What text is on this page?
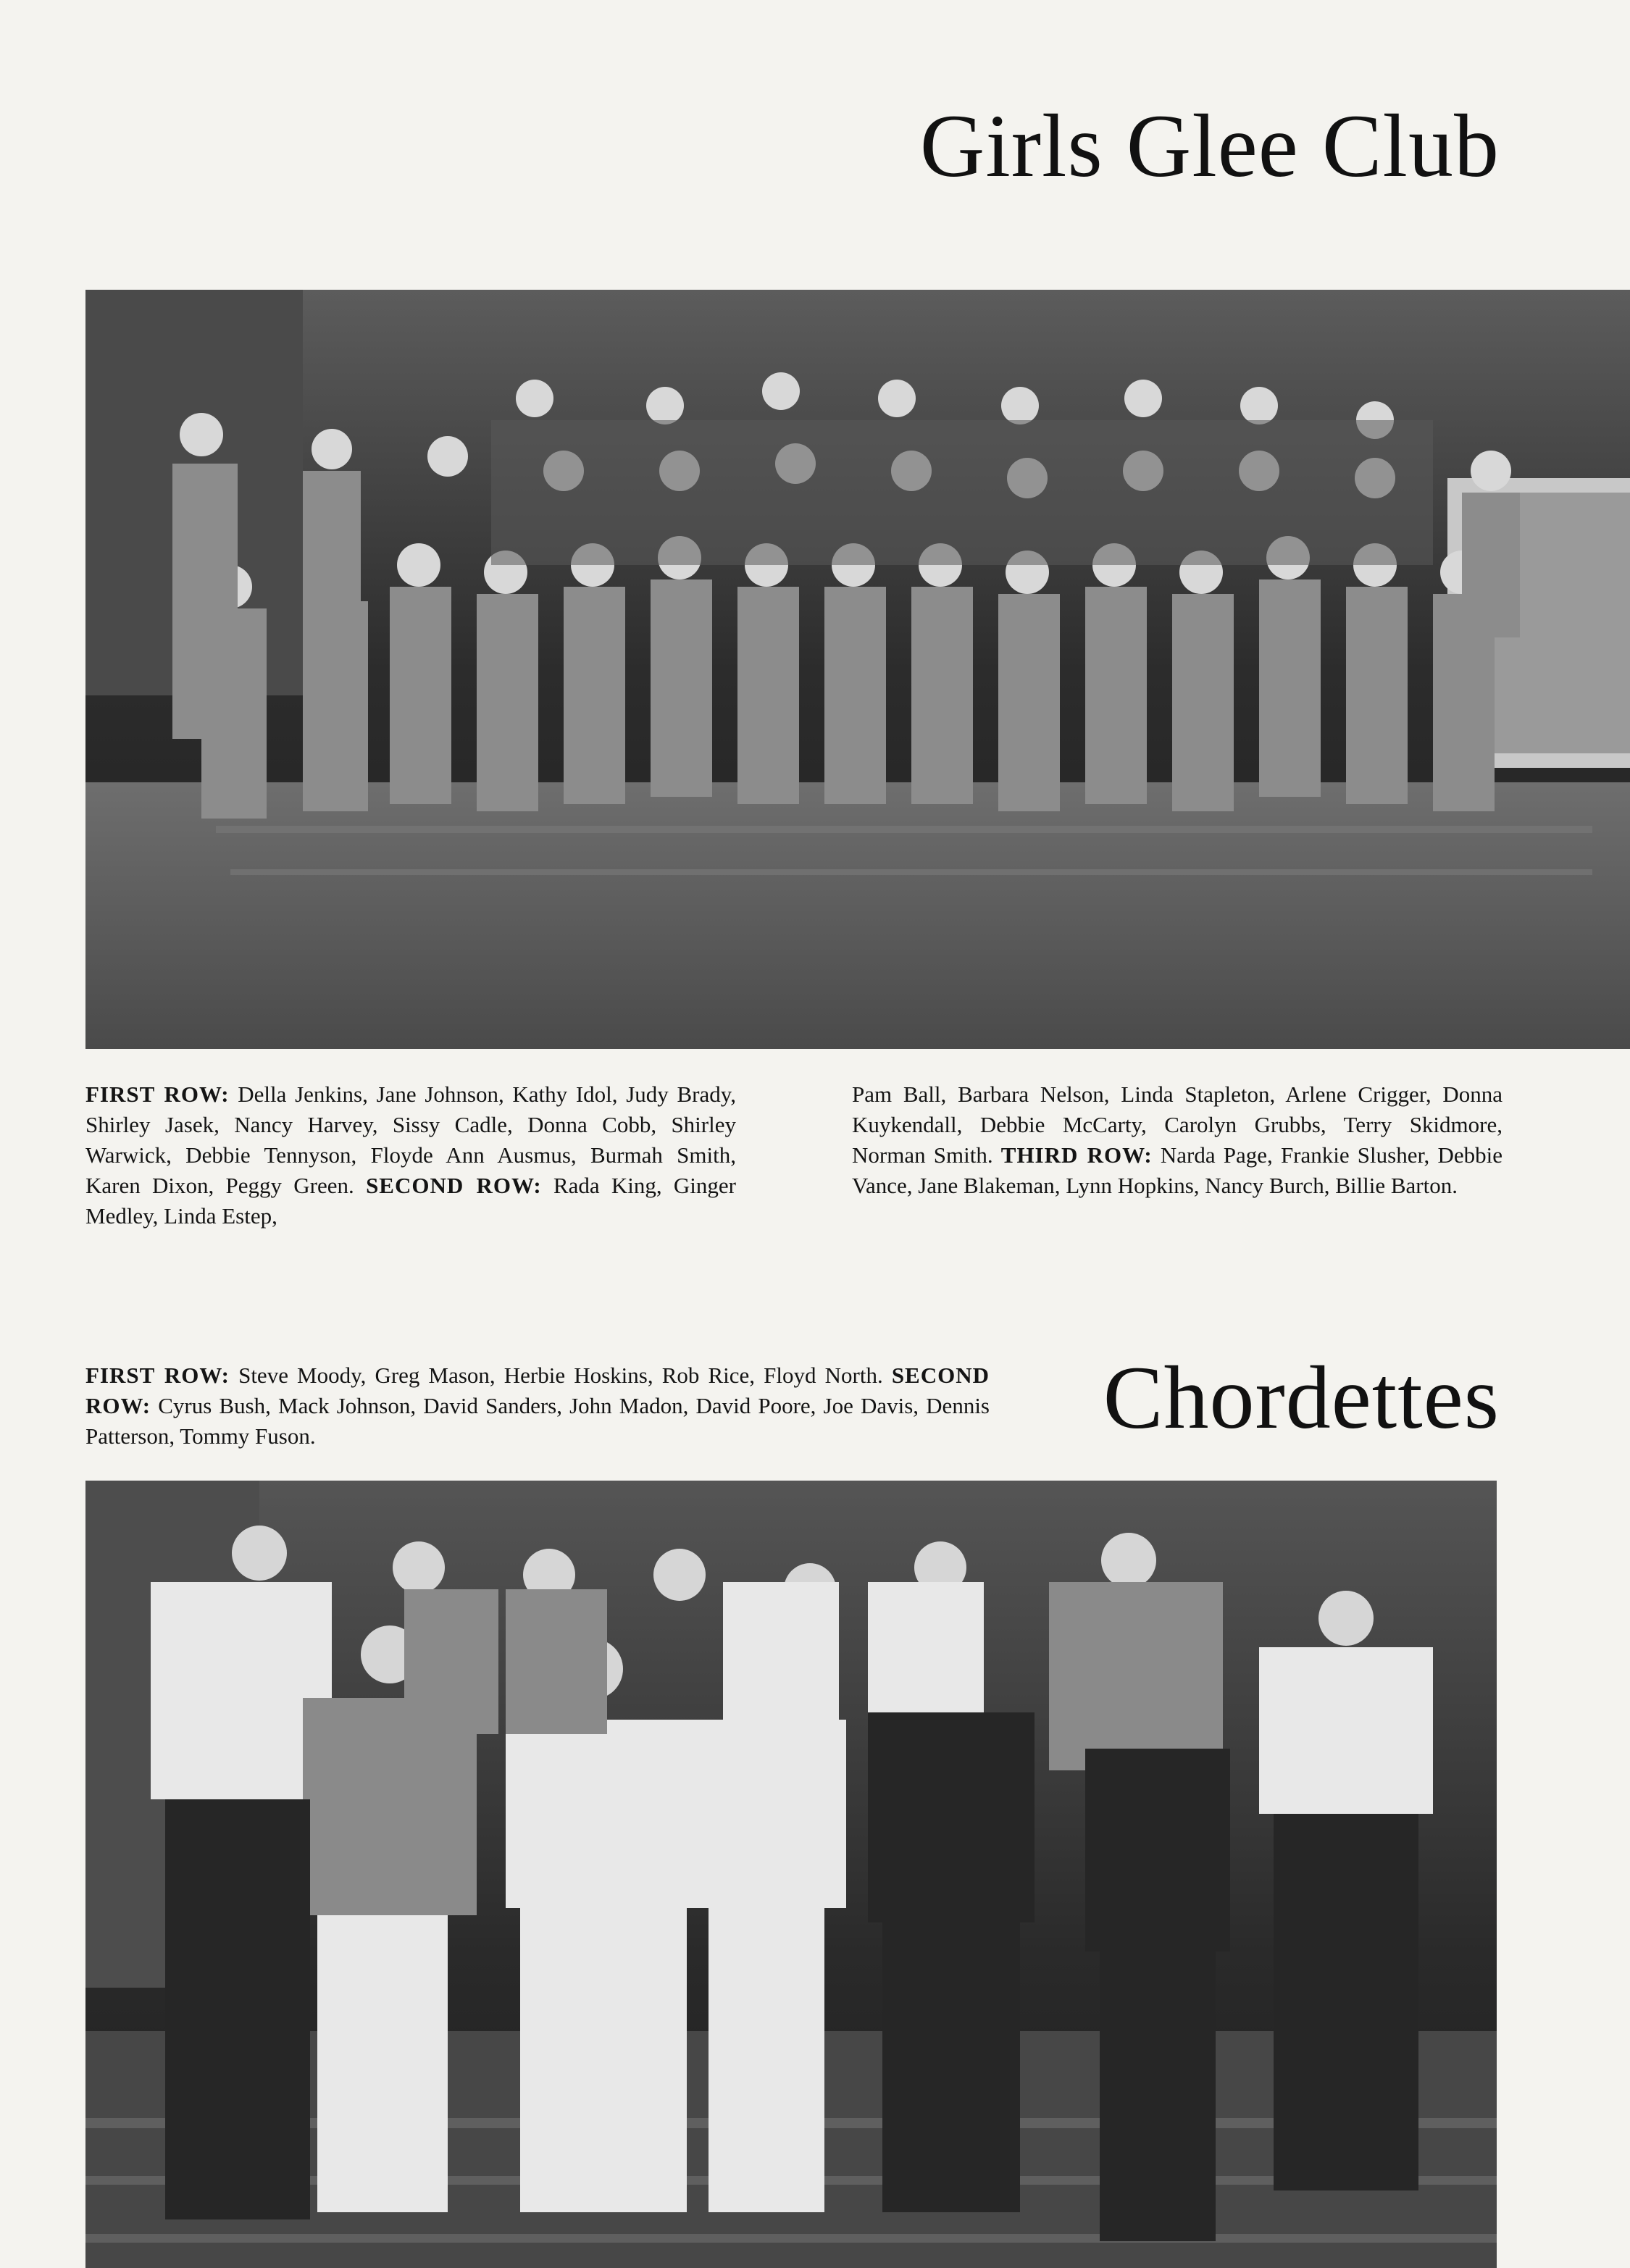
Girls Glee Club

FIRST ROW: Della Jenkins, Jane Johnson, Kathy Idol, Judy Brady, Shirley Jasek, Nancy Harvey, Sissy Cadle, Donna Cobb, Shirley Warwick, Debbie Tennyson, Floyde Ann Ausmus, Burmah Smith, Karen Dixon, Peggy Green. SECOND ROW: Rada King, Ginger Medley, Linda Estep,

Pam Ball, Barbara Nelson, Linda Stapleton, Arlene Crigger, Donna Kuykendall, Debbie McCarty, Carolyn Grubbs, Terry Skidmore, Norman Smith. THIRD ROW: Narda Page, Frankie Slusher, Debbie Vance, Jane Blakeman, Lynn Hopkins, Nancy Burch, Billie Barton.

FIRST ROW: Steve Moody, Greg Mason, Herbie Hoskins, Rob Rice, Floyd North. SECOND ROW: Cyrus Bush, Mack Johnson, David Sanders, John Madon, David Poore, Joe Davis, Dennis Patterson, Tommy Fuson.	Chordettes
